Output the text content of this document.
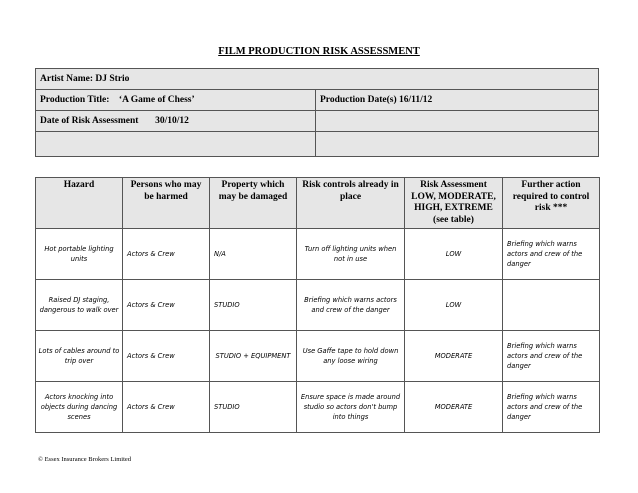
FILM PRODUCTION RISK ASSESSMENT
Artist Name: DJ Strio	
Production Title: ‘A Game of Chess’	Production Date(s) 16/11/12
Date of Risk Assessment 30/10/12	

Hazard	Persons who may be harmed	Property which may be damaged	Risk controls already in place	Risk Assessment LOW, MODERATE, HIGH, EXTREME (see table)	Further action required to control risk ***
Hot portable lighting units	Actors & Crew	N/A	Turn off lighting units when not in use	LOW	Briefing which warns actors and crew of the danger
Raised DJ staging, dangerous to walk over	Actors & Crew	STUDIO	Briefing which warns actors and crew of the danger	LOW	
Lots of cables around to trip over	Actors & Crew	STUDIO + EQUIPMENT	Use Gaffe tape to hold down any loose wiring	MODERATE	Briefing which warns actors and crew of the danger
Actors knocking into objects during dancing scenes	Actors & Crew	STUDIO	Ensure space is made around studio so actors don't bump into things	MODERATE	Briefing which warns actors and crew of the danger
© Essex Insurance Brokers Limited
